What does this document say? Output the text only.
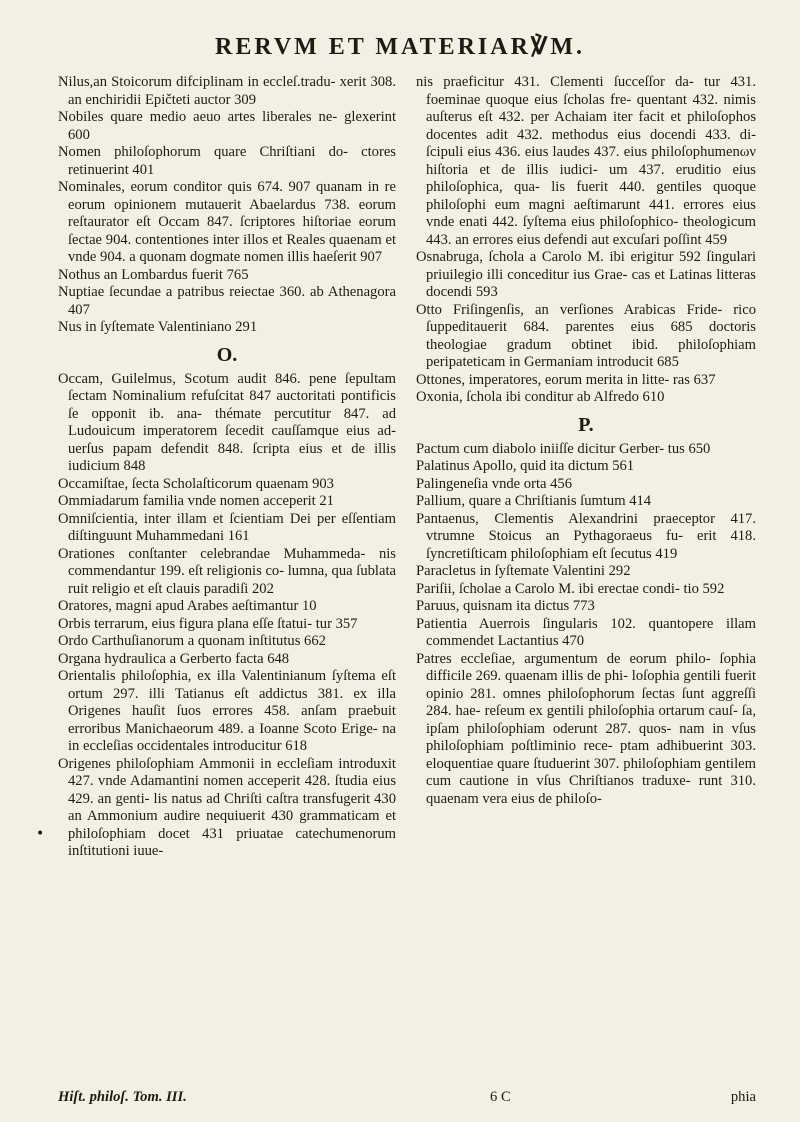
RERVM ET MATERIAR℣M.
•

Nilus,an Stoicorum difciplinam in eccleſ.tradu- xerit 308. an enchiridii Epičteti auctor 309

Nobiles quare medio aeuo artes liberales ne- glexerint 600

Nomen philoſophorum quare Chriſtiani do- ctores retinuerint 401

Nominales, eorum conditor quis 674. 907 quanam in re eorum opinionem mutauerit Abaelardus 738. eorum reſtaurator eſt Occam 847. ſcriptores hiſtoriae eorum ſectae 904. contentiones inter illos et Reales quaenam et vnde 904. a quonam dogmate nomen illis haeſerit 907

Nothus an Lombardus fuerit 765

Nuptiae ſecundae a patribus reiectae 360. ab Athenagora 407

Nus in ſyſtemate Valentiniano 291

O.

Occam, Guilelmus, Scotum audit 846. pene ſepultam ſectam Nominalium refuſcitat 847 auctoritati pontificis ſe opponit ib. ana- thémate percutitur 847. ad Ludouicum imperatorem ſecedit cauſſamque eius ad- uerſus papam defendit 848. ſcripta eius et de illis iudicium 848

Occamiſtae, ſecta Scholaſticorum quaenam 903

Ommiadarum familia vnde nomen acceperit 21

Omniſcientia, inter illam et ſcientiam Dei per eſſentiam diſtinguunt Muhammedani 161

Orationes conſtanter celebrandae Muhammeda- nis commendantur 199. eſt religionis co- lumna, qua ſublata ruit religio et eſt clauis paradiſi 202

Oratores, magni apud Arabes aeſtimantur 10

Orbis terrarum, eius figura plana eſſe ſtatui- tur 357

Ordo Carthuſianorum a quonam inſtitutus 662

Organa hydraulica a Gerberto facta 648

Orientalis philoſophia, ex illa Valentinianum ſyſtema eſt ortum 297. illi Tatianus eſt addictus 381. ex illa Origenes hauſit ſuos errores 458. anſam praebuit erroribus Manichaeorum 489. a Ioanne Scoto Erige- na in eccleſias occidentales introducitur 618

Origenes philoſophiam Ammonii in eccleſiam introduxit 427. vnde Adamantini nomen acceperit 428. ſtudia eius 429. an genti- lis natus ad Chriſti caſtra transfugerit 430 an Ammonium audire nequiuerit 430 grammaticam et philoſophiam docet 431 priuatae catechumenorum inſtitutioni iuue-

nis praeficitur 431. Clementi ſucceſſor da- tur 431. foeminae quoque eius ſcholas fre- quentant 432. nimis auſterus eſt 432. per Achaiam iter facit et philoſophos docentes adit 432. methodus eius docendi 433. di- ſcipuli eius 436. eius laudes 437. eius philoſophumenων hiſtoria et de illis iudici- um 437. eruditio eius philoſophica, qua- lis fuerit 440. gentiles quoque philoſophi eum magni aeſtimarunt 441. errores eius vnde enati 442. ſyſtema eius philoſophico- theologicum 443. an errores eius defendi aut excuſari poſſint 459

Osnabruga, ſchola a Carolo M. ibi erigitur 592 ſingulari priuilegio illi conceditur ius Grae- cas et Latinas litteras docendi 593

Otto Friſingenſis, an verſiones Arabicas Fride- rico ſuppeditauerit 684. parentes eius 685 doctoris theologiae gradum obtinet ibid. philoſophiam peripateticam in Germaniam introducit 685

Ottones, imperatores, eorum merita in litte- ras 637

Oxonia, ſchola ibi conditur ab Alfredo 610

P.

Pactum cum diabolo iniiſſe dicitur Gerber- tus 650

Palatinus Apollo, quid ita dictum 561

Palingeneſia vnde orta 456

Pallium, quare a Chriſtianis ſumtum 414

Pantaenus, Clementis Alexandrini praeceptor 417. vtrumne Stoicus an Pythagoraeus fu- erit 418. ſyncretiſticam philoſophiam eſt ſecutus 419

Paracletus in ſyſtemate Valentini 292

Pariſii, ſcholae a Carolo M. ibi erectae condi- tio 592

Paruus, quisnam ita dictus 773

Patientia Auerrois ſingularis 102. quantopere illam commendet Lactantius 470

Patres eccleſiae, argumentum de eorum philo- ſophia difficile 269. quaenam illis de phi- loſophia gentili fuerit opinio 281. omnes philoſophorum ſectas ſunt aggreſſi 284. hae- reſeum ex gentili philoſophia ortarum cauſ- ſa, ipſam philoſophiam oderunt 287. quos- nam in vſus philoſophiam poſtliminio rece- ptam adhibuerint 303. eloquentiae quare ſtuduerint 307. philoſophiam gentilem cum cautione in vſus Chriſtianos traduxe- runt 310. quaenam vera eius de philoſo-

Hiſt. philoſ. Tom. III.	6 C	phia
